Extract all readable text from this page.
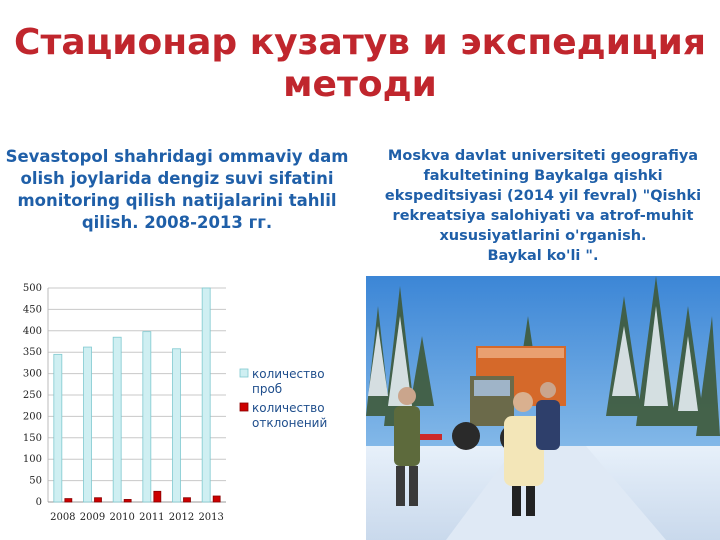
Стационар кузатув и экспедиция
методи
Sevastopol shahridagi ommaviy dam olish joylarida dengiz suvi sifatini monitoring qilish natijalarini tahlil qilish. 2008-2013 гг.
Moskva davlat universiteti geografiya fakultetining Baykalga qishki ekspeditsiyasi (2014 yil fevral) "Qishki rekreatsiya salohiyati va atrof-muhit xususiyatlarini o'rganish.
Baykal ko'li ".
0
50
100
150
200
250
300
350
400
450
500
2008 2009 2010 2011 2012 2013
количество проб
количество отклонений
